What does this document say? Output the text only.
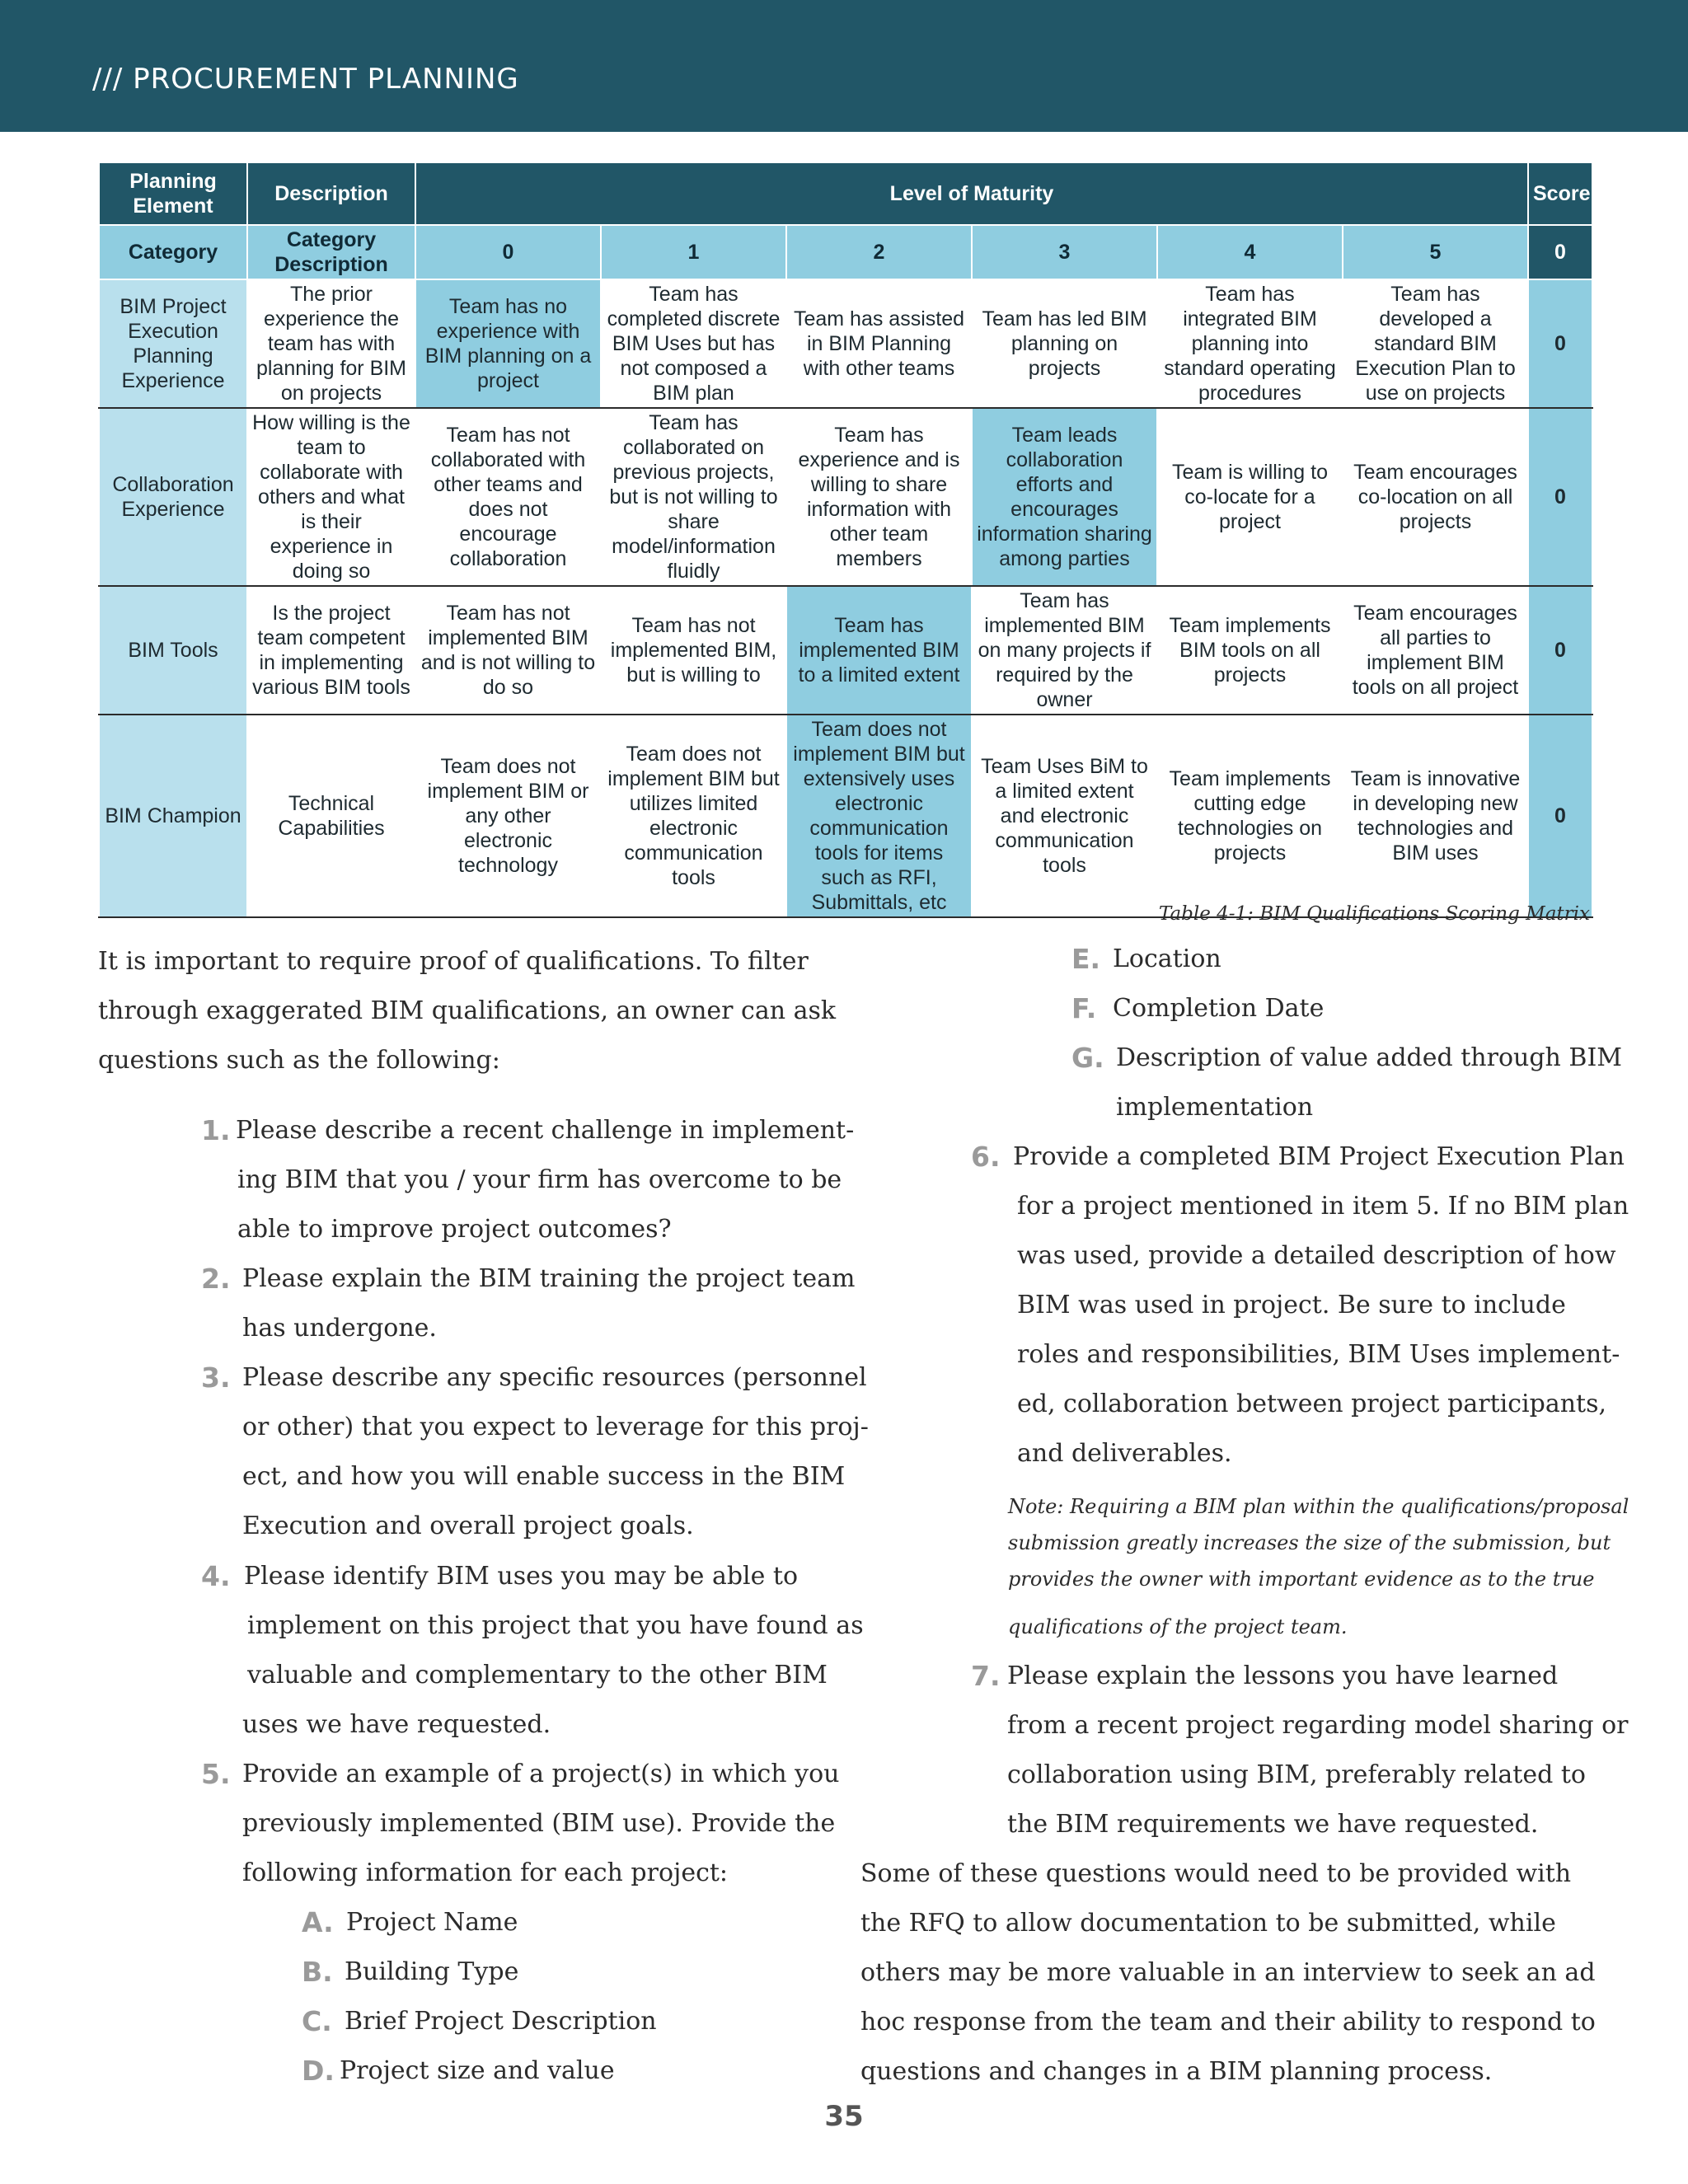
/// PROCUREMENT PLANNING
Planning Element	Description	Level of Maturity						Score
Category	Category Description	0	1	2	3	4	5	0
BIM Project Execution Planning Experience	The prior experience the team has with planning for BIM on projects	Team has no experience with BIM planning on a project	Team has completed discrete BIM Uses but has not composed a BIM plan	Team has assisted in BIM Planning with other teams	Team has led BIM planning on projects	Team has integrated BIM planning into standard operating procedures	Team has developed a standard BIM Execution Plan to use on projects	0
Collaboration Experience	How willing is the team to collaborate with others and what is their experience in doing so	Team has not collaborated with other teams and does not encourage collaboration	Team has collaborated on previous projects, but is not willing to share model/information fluidly	Team has experience and is willing to share information with other team members	Team leads collaboration efforts and encourages information sharing among parties	Team is willing to co-locate for a project	Team encourages co-location on all projects	0
BIM Tools	Is the project team competent in implementing various BIM tools	Team has not implemented BIM and is not willing to do so	Team has not implemented BIM, but is willing to	Team has implemented BIM to a limited extent	Team has implemented BIM on many projects if required by the owner	Team implements BIM tools on all projects	Team encourages all parties to implement BIM tools on all project	0
BIM Champion	Technical Capabilities	Team does not implement BIM or any other electronic technology	Team does not implement BIM but utilizes limited electronic communication tools	Team does not implement BIM but extensively uses electronic communication tools for items such as RFI, Submittals, etc	Team Uses BiM to a limited extent and electronic communication tools	Team implements cutting edge technologies on projects	Team is innovative in developing new technologies and BIM uses	0
Table 4-1: BIM Qualifications Scoring Matrix
It is important to require proof of qualifications. To filter
through exaggerated BIM qualifications, an owner can ask
questions such as the following:
1. Please describe a recent challenge in implement-
ing BIM that you / your firm has overcome to be
able to improve project outcomes?
2. Please explain the BIM training the project team
has undergone.
3. Please describe any specific resources (personnel
or other) that you expect to leverage for this proj-
ect, and how you will enable success in the BIM
Execution and overall project goals.
4. Please identify BIM uses you may be able to
implement on this project that you have found as
valuable and complementary to the other BIM
uses we have requested.
5. Provide an example of a project(s) in which you
previously implemented (BIM use). Provide the
following information for each project:
A. Project Name
B. Building Type
C. Brief Project Description
D. Project size and value
E. Location
F. Completion Date
G. Description of value added through BIM
implementation
6. Provide a completed BIM Project Execution Plan
for a project mentioned in item 5. If no BIM plan
was used, provide a detailed description of how
BIM was used in project. Be sure to include
roles and responsibilities, BIM Uses implement-
ed, collaboration between project participants,
and deliverables.
Note: Requiring a BIM plan within the qualifications/proposal
submission greatly increases the size of the submission, but
provides the owner with important evidence as to the true
qualifications of the project team.
7. Please explain the lessons you have learned
from a recent project regarding model sharing or
collaboration using BIM, preferably related to
the BIM requirements we have requested.
Some of these questions would need to be provided with
the RFQ to allow documentation to be submitted, while
others may be more valuable in an interview to seek an ad
hoc response from the team and their ability to respond to
questions and changes in a BIM planning process.
35
